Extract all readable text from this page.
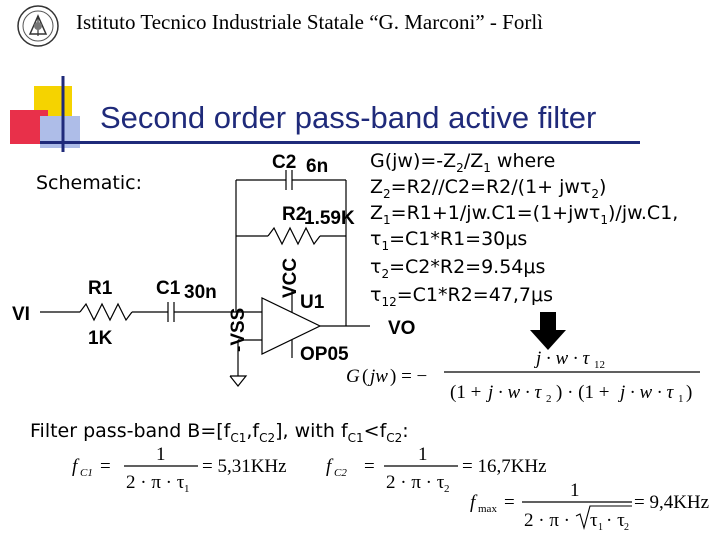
Istituto Tecnico Industriale Statale “G. Marconi” - Forlì
Second order pass-band active filter
Schematic:
VI
R1
1K
C1 30n
C2 6n
R2
1.59K
U1
OP05
VO
VCC
-VSS
$G(jw)=-Z_2/Z_1$ where
$Z_2=R2//C2=R2/(1+ jw\tau_2)$
$Z_1=R1+1/jw.C1=(1+jw\tau_1)/jw.C1$,
$\tau_1=C1*R1=30\mu s$
$\tau_2=C2*R2=9.54\mu s$
$\tau_{12}=C1*R2=47,7\mu s$
G ( jw ) = −
j · w · τ 12
(1 + j · w · τ 2 ) · (1 + j · w · τ 1 )
f C1 =
1
2 · π · τ 1
= 5,31KHz f C2 =
1
2 · π · τ 2
= 16,7KHz
f max =
1
2 · π · τ 1 · τ 2
= 9,4KHz
Filter pass-band $B=[f_{C1},f_{C2}]$, with $f_{C1}<f_{C2}$:
